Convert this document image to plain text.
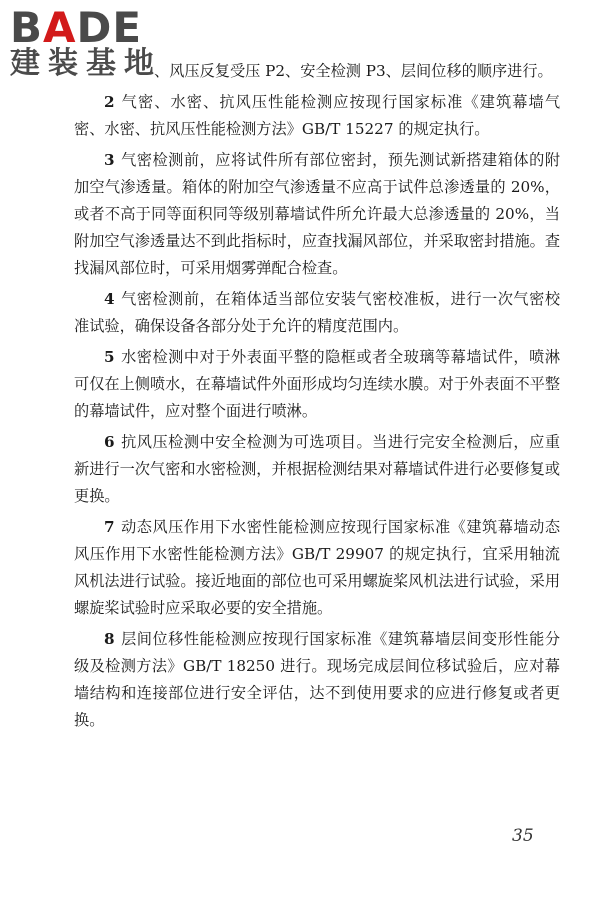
BADE
建装基地

、风压反复受压 P2、安全检测 P3、层间位移的顺序进行。

2 气密、水密、抗风压性能检测应按现行国家标准《建筑幕墙气密、水密、抗风压性能检测方法》GB/T 15227 的规定执行。

3 气密检测前，应将试件所有部位密封，预先测试新搭建箱体的附加空气渗透量。箱体的附加空气渗透量不应高于试件总渗透量的 20%，或者不高于同等面积同等级别幕墙试件所允许最大总渗透量的 20%，当附加空气渗透量达不到此指标时，应查找漏风部位，并采取密封措施。查找漏风部位时，可采用烟雾弹配合检查。

4 气密检测前，在箱体适当部位安装气密校准板，进行一次气密校准试验，确保设备各部分处于允许的精度范围内。

5 水密检测中对于外表面平整的隐框或者全玻璃等幕墙试件，喷淋可仅在上侧喷水，在幕墙试件外面形成均匀连续水膜。对于外表面不平整的幕墙试件，应对整个面进行喷淋。

6 抗风压检测中安全检测为可选项目。当进行完安全检测后，应重新进行一次气密和水密检测，并根据检测结果对幕墙试件进行必要修复或更换。

7 动态风压作用下水密性能检测应按现行国家标准《建筑幕墙动态风压作用下水密性能检测方法》GB/T 29907 的规定执行，宜采用轴流风机法进行试验。接近地面的部位也可采用螺旋桨风机法进行试验，采用螺旋桨试验时应采取必要的安全措施。

8 层间位移性能检测应按现行国家标准《建筑幕墙层间变形性能分级及检测方法》GB/T 18250 进行。现场完成层间位移试验后，应对幕墙结构和连接部位进行安全评估，达不到使用要求的应进行修复或者更换。

35
